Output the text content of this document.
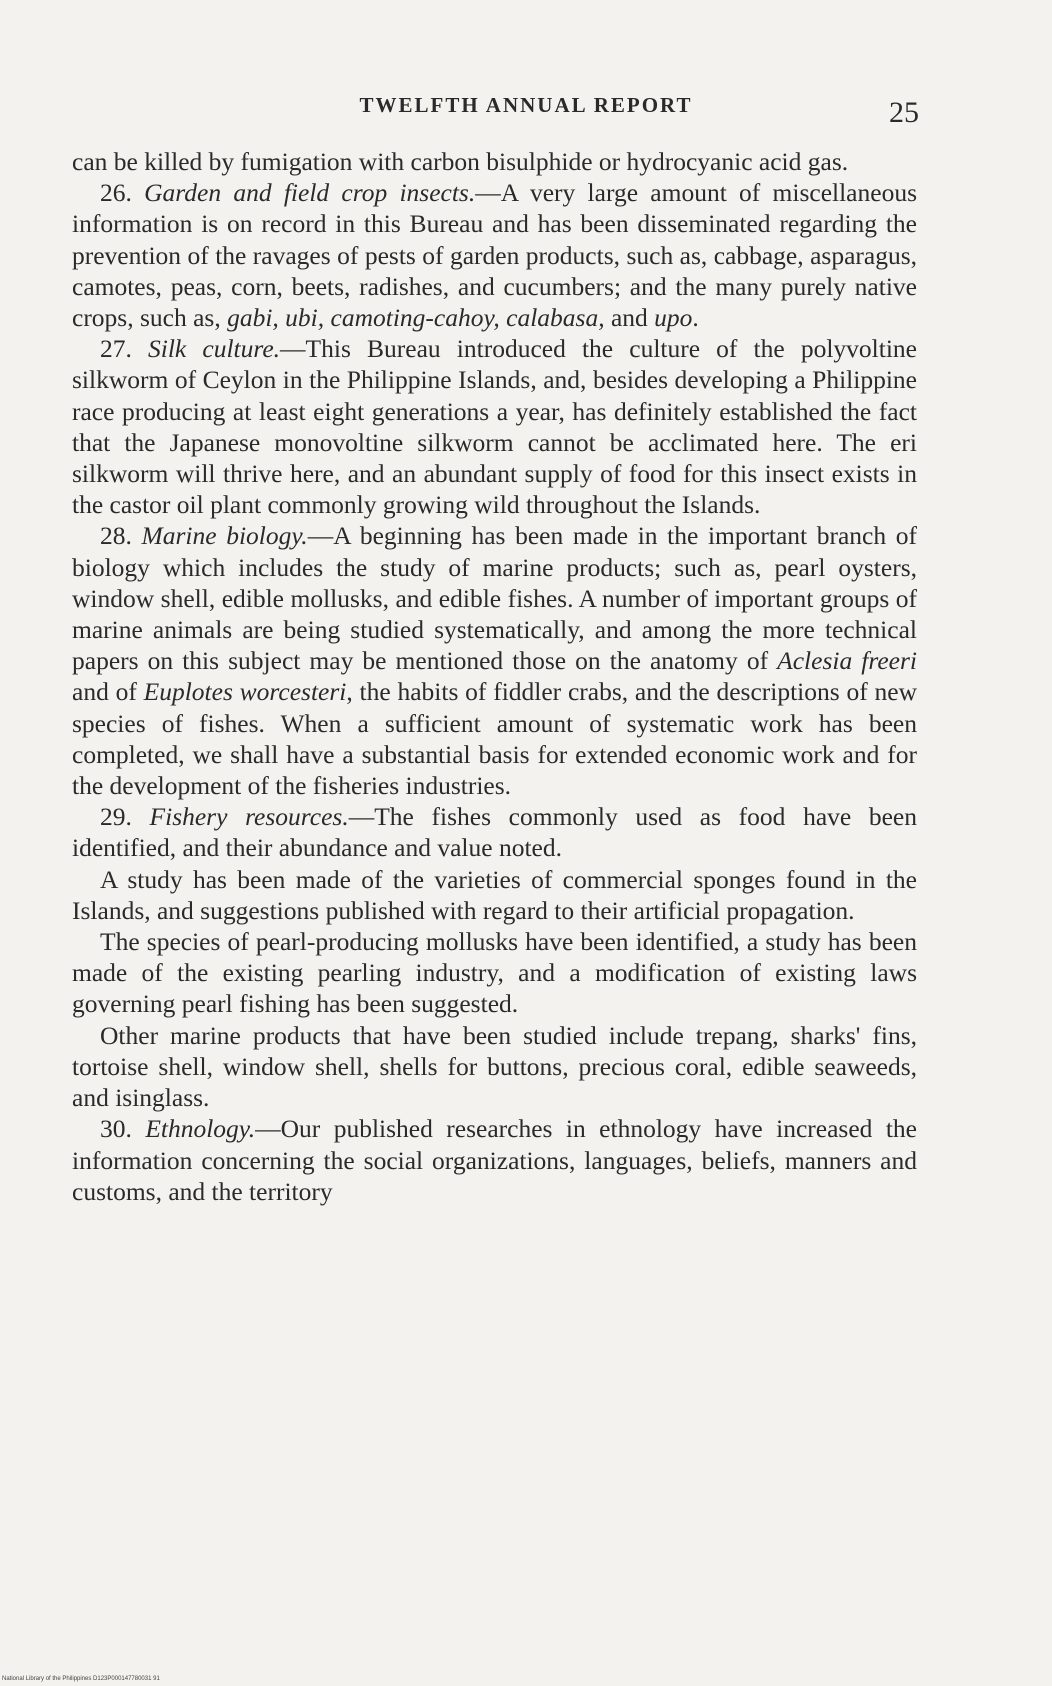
TWELFTH ANNUAL REPORT	25

can be killed by fumigation with carbon bisulphide or hydrocyanic acid gas.

26. Garden and field crop insects.—A very large amount of miscellaneous information is on record in this Bureau and has been disseminated regarding the prevention of the ravages of pests of garden products, such as, cabbage, asparagus, camotes, peas, corn, beets, radishes, and cucumbers; and the many purely native crops, such as, gabi, ubi, camoting-cahoy, calabasa, and upo.

27. Silk culture.—This Bureau introduced the culture of the polyvoltine silkworm of Ceylon in the Philippine Islands, and, besides developing a Philippine race producing at least eight generations a year, has definitely established the fact that the Japanese monovoltine silkworm cannot be acclimated here. The eri silkworm will thrive here, and an abundant supply of food for this insect exists in the castor oil plant commonly growing wild throughout the Islands.

28. Marine biology.—A beginning has been made in the important branch of biology which includes the study of marine products; such as, pearl oysters, window shell, edible mollusks, and edible fishes. A number of important groups of marine animals are being studied systematically, and among the more technical papers on this subject may be mentioned those on the anatomy of Aclesia freeri and of Euplotes worcesteri, the habits of fiddler crabs, and the descriptions of new species of fishes. When a sufficient amount of systematic work has been completed, we shall have a substantial basis for extended economic work and for the development of the fisheries industries.

29. Fishery resources.—The fishes commonly used as food have been identified, and their abundance and value noted.

A study has been made of the varieties of commercial sponges found in the Islands, and suggestions published with regard to their artificial propagation.

The species of pearl-producing mollusks have been identified, a study has been made of the existing pearling industry, and a modification of existing laws governing pearl fishing has been suggested.

Other marine products that have been studied include trepang, sharks' fins, tortoise shell, window shell, shells for buttons, precious coral, edible seaweeds, and isinglass.

30. Ethnology.—Our published researches in ethnology have increased the information concerning the social organizations, languages, beliefs, manners and customs, and the territory

National Library of the Philippines D123P000147780031 91
